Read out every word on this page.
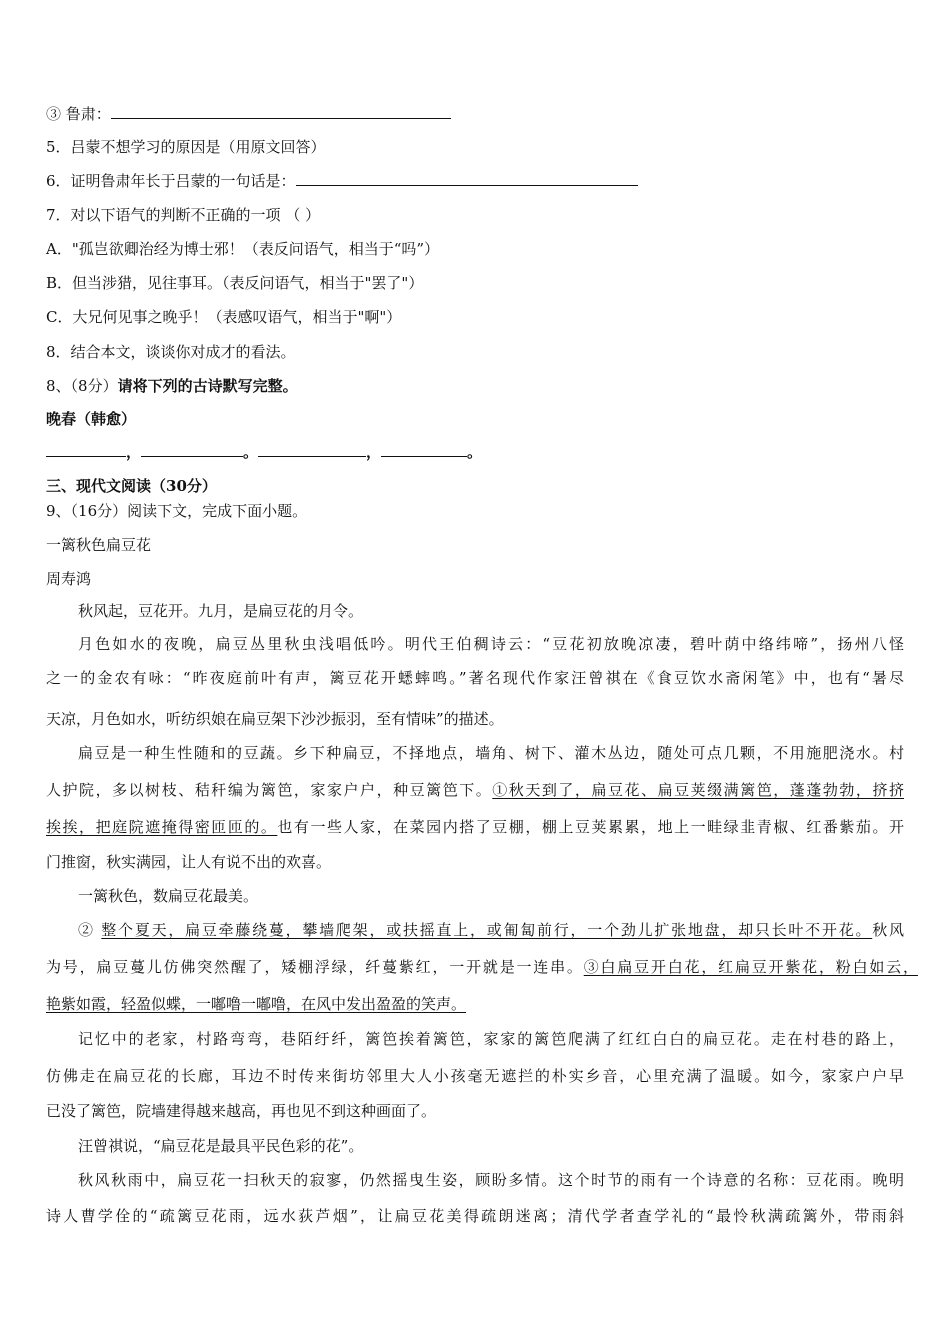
③ 鲁肃：
5．吕蒙不想学习的原因是（用原文回答）
6．证明鲁肃年长于吕蒙的一句话是：
7．对以下语气的判断不正确的一项 （ ）
A．"孤岂欲卿治经为博士邪！（表反问语气，相当于“吗”）
B．但当涉猎，见往事耳。（表反问语气，相当于"罢了"）
C．大兄何见事之晚乎！（表感叹语气，相当于"啊"）
8．结合本文，谈谈你对成才的看法。
8、（8分）请将下列的古诗默写完整。
晚春（韩愈）
，	。	，	。
三、现代文阅读（30分）
9、（16分）阅读下文，完成下面小题。
一篱秋色扁豆花
周寿鸿
秋风起，豆花开。九月，是扁豆花的月令。
月色如水的夜晚，扁豆丛里秋虫浅唱低吟。明代王伯稠诗云：“豆花初放晚凉凄，碧叶荫中络纬啼”，扬州八怪
之一的金农有咏：“昨夜庭前叶有声，篱豆花开蟋蟀鸣。”著名现代作家汪曾祺在《食豆饮水斋闲笔》中，也有“暑尽
天凉，月色如水，听纺织娘在扁豆架下沙沙振羽，至有情味”的描述。
扁豆是一种生性随和的豆蔬。乡下种扁豆，不择地点，墙角、树下、灌木丛边，随处可点几颗，不用施肥浇水。村
人护院，多以树枝、秸秆编为篱笆，家家户户，种豆篱笆下。①秋天到了，扁豆花、扁豆荚缀满篱笆，蓬蓬勃勃，挤挤
挨挨，把庭院遮掩得密匝匝的。也有一些人家，在菜园内搭了豆棚，棚上豆荚累累，地上一畦绿韭青椒、红番紫茄。开
门推窗，秋实满园，让人有说不出的欢喜。
一篱秋色，数扁豆花最美。
② 整个夏天，扁豆牵藤绕蔓，攀墙爬架，或扶摇直上，或匍匐前行，一个劲儿扩张地盘，却只长叶不开花。秋风
为号，扁豆蔓儿仿佛突然醒了，矮棚浮绿，纤蔓紫红，一开就是一连串。③白扁豆开白花，红扁豆开紫花，粉白如云，
艳紫如霞，轻盈似蝶，一嘟噜一嘟噜，在风中发出盈盈的笑声。
记忆中的老家，村路弯弯，巷陌纡纤，篱笆挨着篱笆，家家的篱笆爬满了红红白白的扁豆花。走在村巷的路上，
仿佛走在扁豆花的长廊，耳边不时传来街坊邻里大人小孩毫无遮拦的朴实乡音，心里充满了温暖。如今，家家户户早
已没了篱笆，院墙建得越来越高，再也见不到这种画面了。
汪曾祺说，“扁豆花是最具平民色彩的花”。
秋风秋雨中，扁豆花一扫秋天的寂寥，仍然摇曳生姿，顾盼多情。这个时节的雨有一个诗意的名称：豆花雨。晚明
诗人曹学佺的“疏篱豆花雨，远水荻芦烟”，让扁豆花美得疏朗迷离；清代学者查学礼的“最怜秋满疏篱外，带雨斜
